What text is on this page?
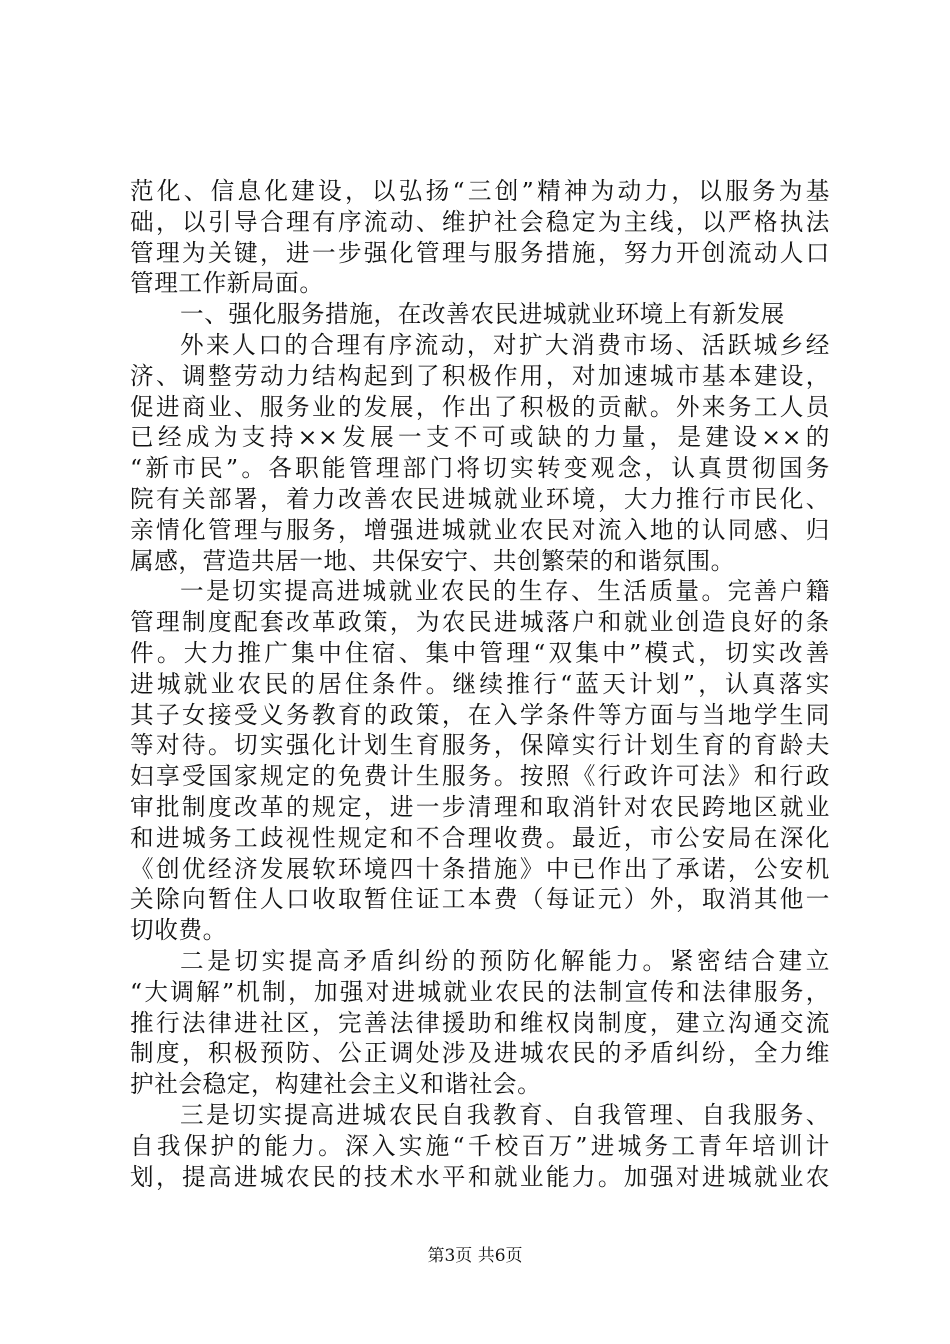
范化、信息化建设，以弘扬“三创”精神为动力，以服务为基
础，以引导合理有序流动、维护社会稳定为主线，以严格执法
管理为关键，进一步强化管理与服务措施，努力开创流动人口
管理工作新局面。
一、强化服务措施，在改善农民进城就业环境上有新发展
外来人口的合理有序流动，对扩大消费市场、活跃城乡经
济、调整劳动力结构起到了积极作用，对加速城市基本建设，
促进商业、服务业的发展，作出了积极的贡献。外来务工人员
已经成为支持××发展一支不可或缺的力量，是建设××的
“新市民”。各职能管理部门将切实转变观念，认真贯彻国务
院有关部署，着力改善农民进城就业环境，大力推行市民化、
亲情化管理与服务，增强进城就业农民对流入地的认同感、归
属感，营造共居一地、共保安宁、共创繁荣的和谐氛围。
一是切实提高进城就业农民的生存、生活质量。完善户籍
管理制度配套改革政策，为农民进城落户和就业创造良好的条
件。大力推广集中住宿、集中管理“双集中”模式，切实改善
进城就业农民的居住条件。继续推行“蓝天计划”，认真落实
其子女接受义务教育的政策，在入学条件等方面与当地学生同
等对待。切实强化计划生育服务，保障实行计划生育的育龄夫
妇享受国家规定的免费计生服务。按照《行政许可法》和行政
审批制度改革的规定，进一步清理和取消针对农民跨地区就业
和进城务工歧视性规定和不合理收费。最近，市公安局在深化
《创优经济发展软环境四十条措施》中已作出了承诺，公安机
关除向暂住人口收取暂住证工本费（每证元）外，取消其他一
切收费。
二是切实提高矛盾纠纷的预防化解能力。紧密结合建立
“大调解”机制，加强对进城就业农民的法制宣传和法律服务，
推行法律进社区，完善法律援助和维权岗制度，建立沟通交流
制度，积极预防、公正调处涉及进城农民的矛盾纠纷，全力维
护社会稳定，构建社会主义和谐社会。
三是切实提高进城农民自我教育、自我管理、自我服务、
自我保护的能力。深入实施“千校百万”进城务工青年培训计
划，提高进城农民的技术水平和就业能力。加强对进城就业农
第3页 共6页
